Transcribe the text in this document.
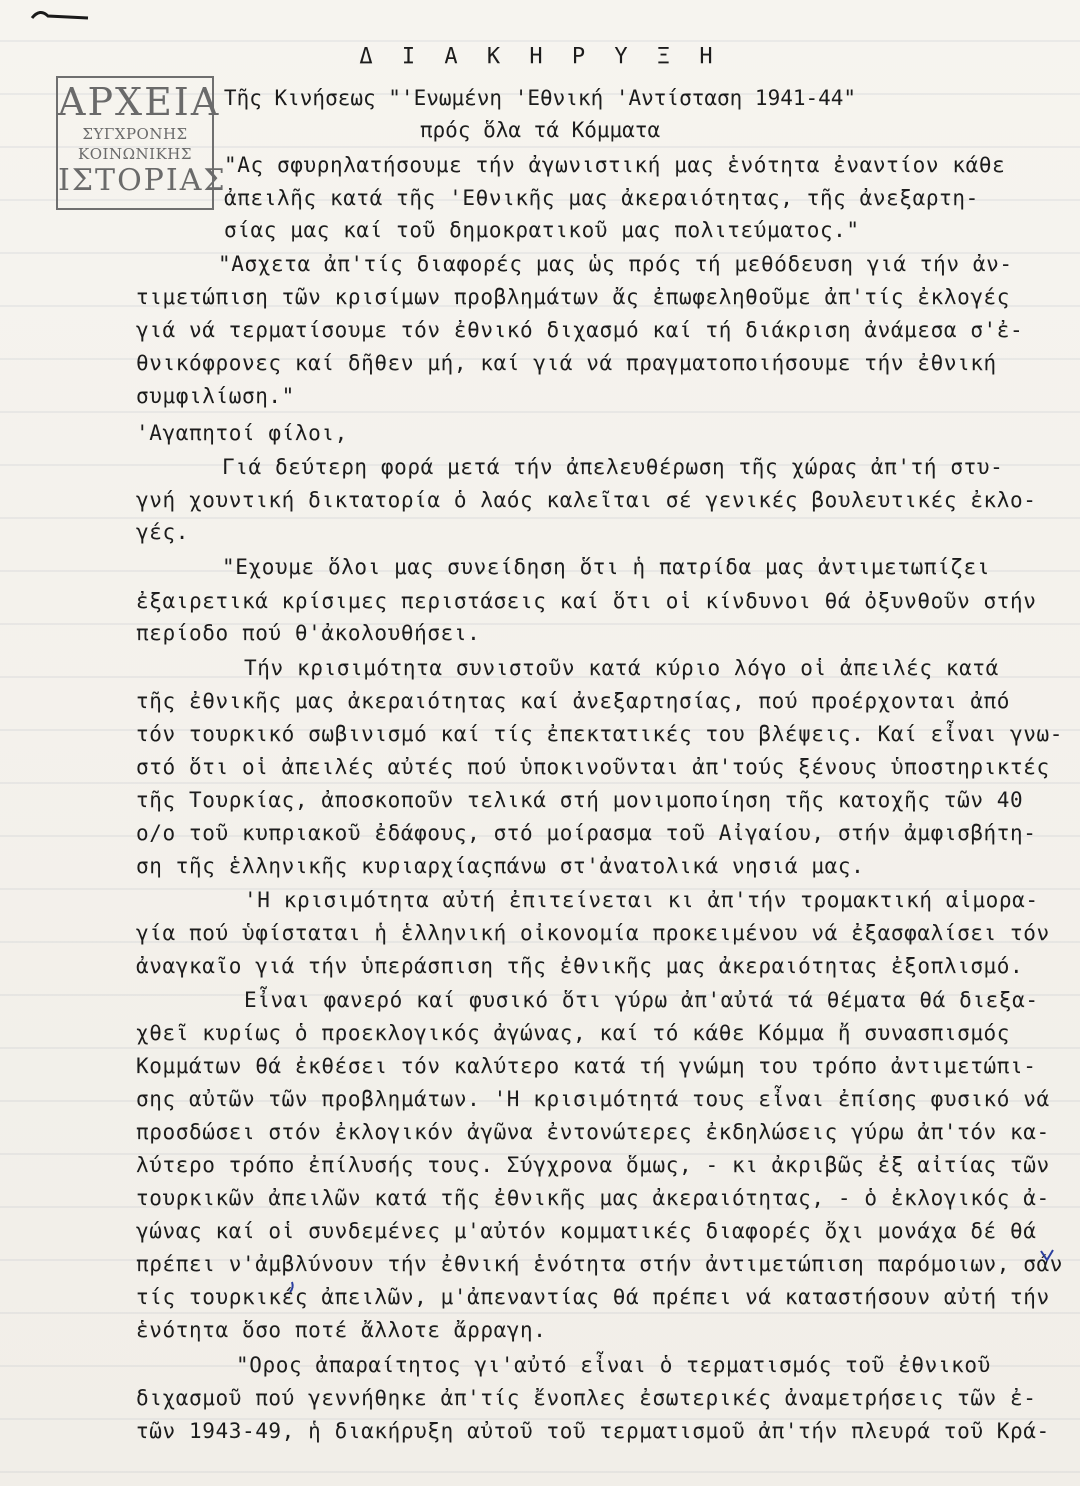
ΑΡΧΕΙΑ
ΣΥΓΧΡΟΝΗΣ
ΚΟΙΝΩΝΙΚΗΣ
ΙΣΤΟΡΙΑΣ
Δ Ι Α Κ Η Ρ Υ Ξ Η
Τῆς Κινήσεως "'Ενωμένη 'Εθνική 'Αντίσταση 1941-44"
πρός ὅλα τά Κόμματα
"Ας σφυρηλατήσουμε τήν ἀγωνιστική μας ἑνότητα ἐναντίον κάθε
ἀπειλῆς κατά τῆς 'Εθνικῆς μας ἀκεραιότητας, τῆς ἀνεξαρτη-
σίας μας καί τοῦ δημοκρατικοῦ μας πολιτεύματος."
"Ασχετα ἀπ'τίς διαφορές μας ὡς πρός τή μεθόδευση γιά τήν ἀν-
τιμετώπιση τῶν κρισίμων προβλημάτων ἄς ἐπωφεληθοῦμε ἀπ'τίς ἐκλογές
γιά νά τερματίσουμε τόν ἐθνικό διχασμό καί τή διάκριση ἀνάμεσα σ'ἐ-
θνικόφρονες καί δῆθεν μή, καί γιά νά πραγματοποιήσουμε τήν ἐθνική
συμφιλίωση."
'Αγαπητοί φίλοι,
Γιά δεύτερη φορά μετά τήν ἀπελευθέρωση τῆς χώρας ἀπ'τή στυ-
γνή χουντική δικτατορία ὁ λαός καλεῖται σέ γενικές βουλευτικές ἐκλο-
γές.
"Εχουμε ὅλοι μας συνείδηση ὅτι ἡ πατρίδα μας ἀντιμετωπίζει
ἐξαιρετικά κρίσιμες περιστάσεις καί ὅτι οἱ κίνδυνοι θά ὀξυνθοῦν στήν
περίοδο πού θ'ἀκολουθήσει.
Τήν κρισιμότητα συνιστοῦν κατά κύριο λόγο οἱ ἀπειλές κατά
τῆς ἐθνικῆς μας ἀκεραιότητας καί ἀνεξαρτησίας, πού προέρχονται ἀπό
τόν τουρκικό σωβινισμό καί τίς ἐπεκτατικές του βλέψεις. Καί εἶναι γνω-
στό ὅτι οἱ ἀπειλές αὐτές πού ὑποκινοῦνται ἀπ'τούς ξένους ὑποστηρικτές
τῆς Τουρκίας, ἀποσκοποῦν τελικά στή μονιμοποίηση τῆς κατοχῆς τῶν 40
ο/ο τοῦ κυπριακοῦ ἐδάφους, στό μοίρασμα τοῦ Αἰγαίου, στήν ἀμφισβήτη-
ση τῆς ἑλληνικῆς κυριαρχίαςπάνω στ'ἀνατολικά νησιά μας.
'Η κρισιμότητα αὐτή ἐπιτείνεται κι ἀπ'τήν τρομακτική αἱμορα-
γία πού ὑφίσταται ἡ ἑλληνική οἰκονομία προκειμένου νά ἐξασφαλίσει τόν
ἀναγκαῖο γιά τήν ὑπεράσπιση τῆς ἐθνικῆς μας ἀκεραιότητας ἐξοπλισμό.
Εἶναι φανερό καί φυσικό ὅτι γύρω ἀπ'αὐτά τά θέματα θά διεξα-
χθεῖ κυρίως ὁ προεκλογικός ἀγώνας, καί τό κάθε Κόμμα ἤ συνασπισμός
Κομμάτων θά ἐκθέσει τόν καλύτερο κατά τή γνώμη του τρόπο ἀντιμετώπι-
σης αὐτῶν τῶν προβλημάτων. 'Η κρισιμότητά τους εἶναι ἐπίσης φυσικό νά
προσδώσει στόν ἐκλογικόν ἀγῶνα ἐντονώτερες ἐκδηλώσεις γύρω ἀπ'τόν κα-
λύτερο τρόπο ἐπίλυσής τους. Σύγχρονα ὅμως, - κι ἀκριβῶς ἐξ αἰτίας τῶν
τουρκικῶν ἀπειλῶν κατά τῆς ἐθνικῆς μας ἀκεραιότητας, - ὁ ἐκλογικός ἀ-
γώνας καί οἱ συνδεμένες μ'αὐτόν κομματικές διαφορές ὄχι μονάχα δέ θά
πρέπει ν'ἀμβλύνουν τήν ἐθνική ἑνότητα στήν ἀντιμετώπιση παρόμοιων, σάν
τίς τουρκικές ἀπειλῶν, μ'ἀπεναντίας θά πρέπει νά καταστήσουν αὐτή τήν
ἑνότητα ὅσο ποτέ ἄλλοτε ἄρραγη.
"Ορος ἀπαραίτητος γι'αὐτό εἶναι ὁ τερματισμός τοῦ ἐθνικοῦ
διχασμοῦ πού γεννήθηκε ἀπ'τίς ἔνοπλες ἐσωτερικές ἀναμετρήσεις τῶν ἐ-
τῶν 1943-49, ἡ διακήρυξη αὐτοῦ τοῦ τερματισμοῦ ἀπ'τήν πλευρά τοῦ Κρά-
